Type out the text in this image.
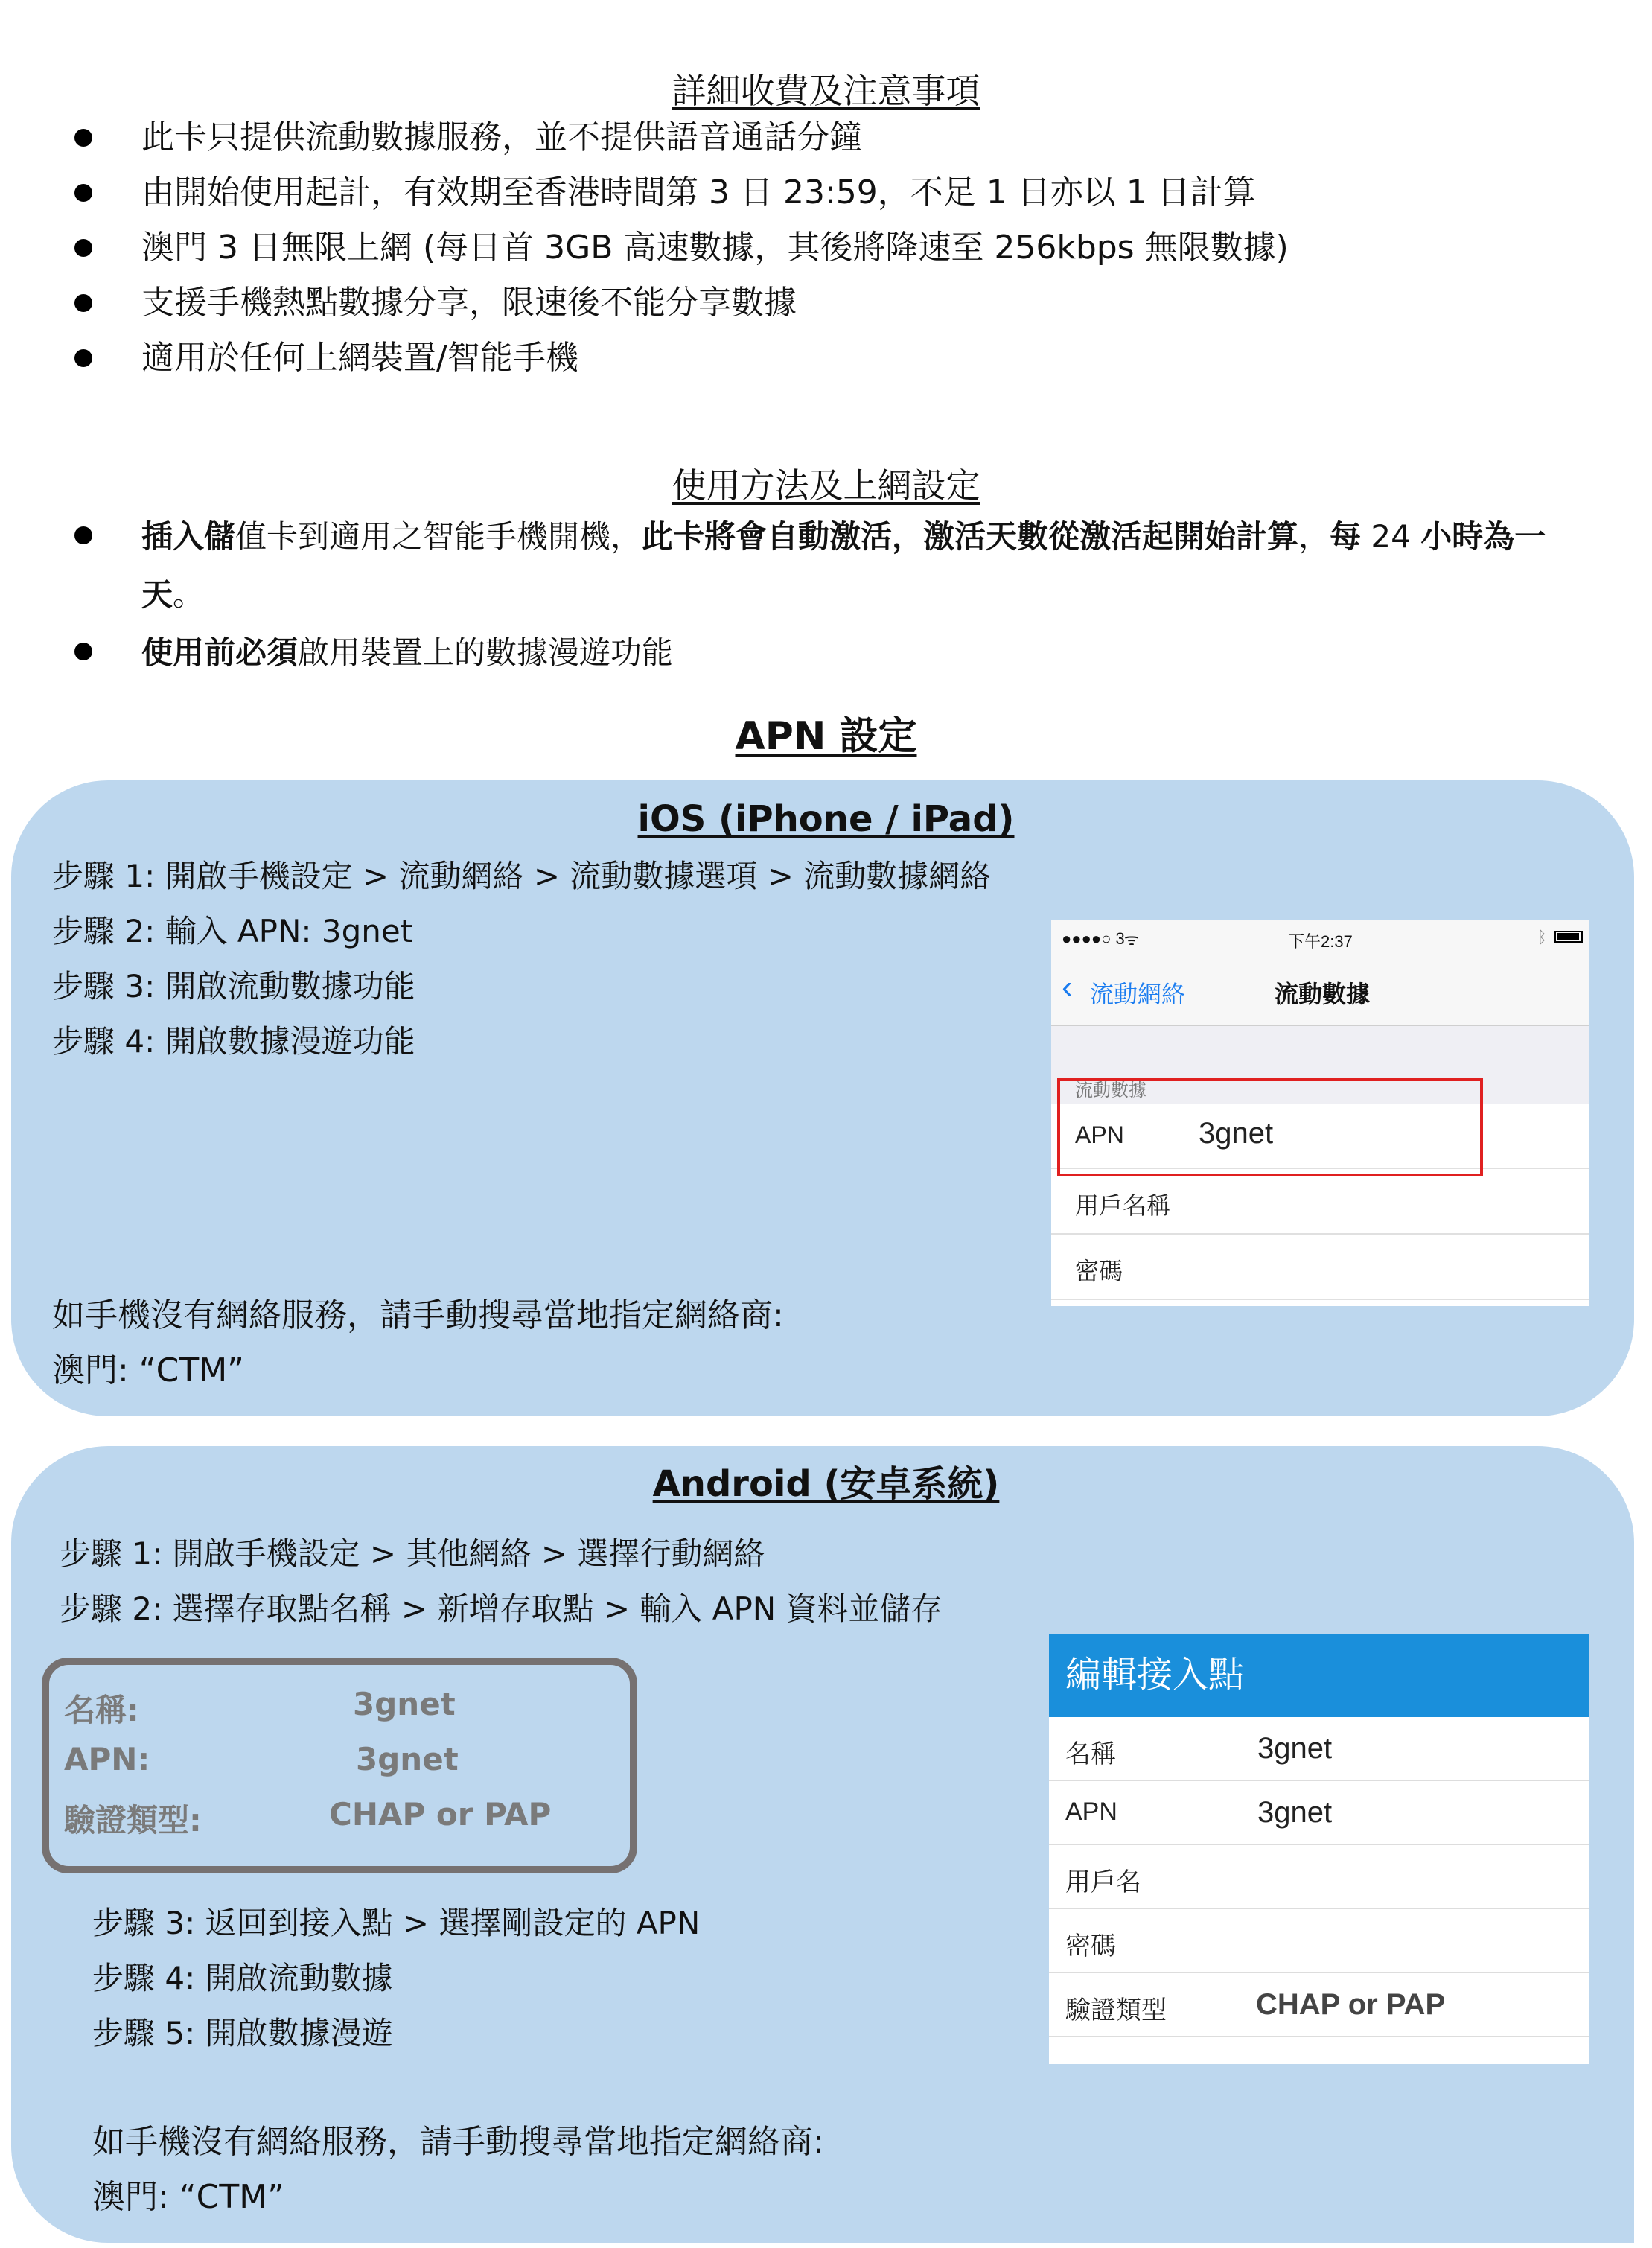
詳細收費及注意事項
此卡只提供流動數據服務，並不提供語音通話分鐘
由開始使用起計，有效期至香港時間第 3 日 23:59，不足 1 日亦以 1 日計算
澳門 3 日無限上網 (每日首 3GB 高速數據，其後將降速至 256kbps 無限數據)
支援手機熱點數據分享，限速後不能分享數據
適用於任何上網裝置/智能手機
使用方法及上網設定
插入儲值卡到適用之智能手機開機，此卡將會自動激活，激活天數從激活起開始計算，每 24 小時為一天。
使用前必須啟用裝置上的數據漫遊功能
APN 設定
iOS (iPhone / iPad)
步驟 1: 開啟手機設定 > 流動網絡 > 流動數據選項 > 流動數據網絡
步驟 2: 輸入 APN: 3gnet
步驟 3: 開啟流動數據功能
步驟 4: 開啟數據漫遊功能
如手機沒有網絡服務，請手動搜尋當地指定網絡商:
澳門: “CTM”
●●●●○ 3 ᯤ	下午2:37	ᛒ
‹ 流動網絡	流動數據
流動數據
APN	3gnet
用戶名稱
密碼
Android (安卓系統)
步驟 1: 開啟手機設定 > 其他網絡 > 選擇行動網絡
步驟 2: 選擇存取點名稱 > 新增存取點 > 輸入 APN 資料並儲存
名稱:	3gnet
APN:	3gnet
驗證類型:	CHAP or PAP
步驟 3: 返回到接入點 > 選擇剛設定的 APN
步驟 4: 開啟流動數據
步驟 5: 開啟數據漫遊
如手機沒有網絡服務，請手動搜尋當地指定網絡商:
澳門: “CTM”
編輯接入點
名稱	3gnet
APN	3gnet
用戶名
密碼
驗證類型	CHAP or PAP
